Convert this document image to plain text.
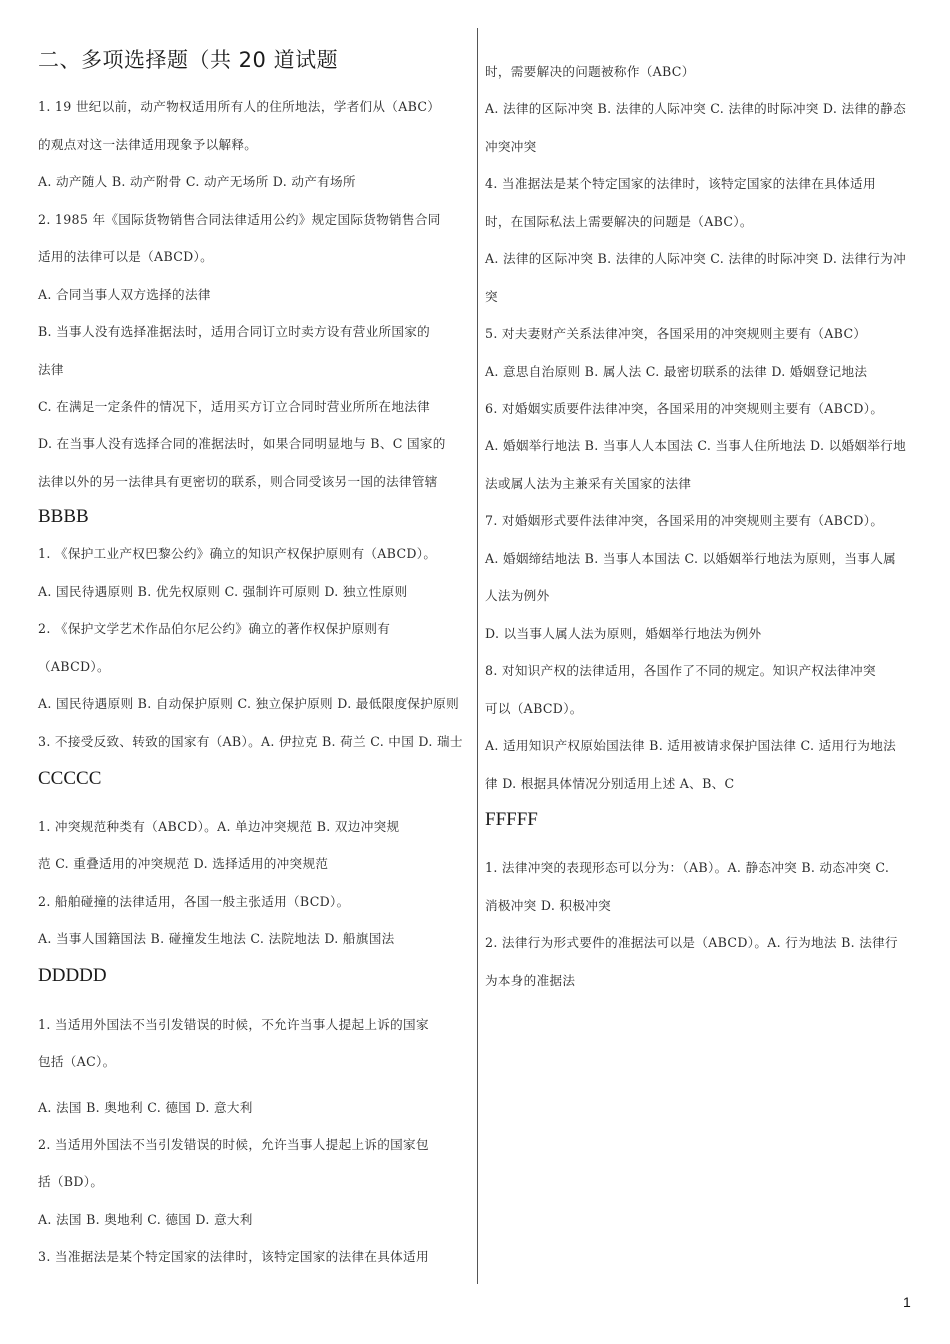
二、多项选择题（共 20 道试题
1. 19 世纪以前，动产物权适用所有人的住所地法，学者们从（ABC）
的观点对这一法律适用现象予以解释。
A. 动产随人 B. 动产附骨 C. 动产无场所 D. 动产有场所
2. 1985 年《国际货物销售合同法律适用公约》规定国际货物销售合同
适用的法律可以是（ABCD）。
A. 合同当事人双方选择的法律
B. 当事人没有选择准据法时，适用合同订立时卖方设有营业所国家的
法律
C. 在满足一定条件的情况下，适用买方订立合同时营业所所在地法律
D. 在当事人没有选择合同的准据法时，如果合同明显地与 B、C 国家的
法律以外的另一法律具有更密切的联系，则合同受该另一国的法律管辖
BBBB
1. 《保护工业产权巴黎公约》确立的知识产权保护原则有（ABCD）。
A. 国民待遇原则 B. 优先权原则 C. 强制许可原则 D. 独立性原则
2. 《保护文学艺术作品伯尔尼公约》确立的著作权保护原则有
（ABCD）。
A. 国民待遇原则 B. 自动保护原则 C. 独立保护原则 D. 最低限度保护原则
3. 不接受反致、转致的国家有（AB）。A. 伊拉克 B. 荷兰 C. 中国 D. 瑞士
CCCCC
1. 冲突规范种类有（ABCD）。A. 单边冲突规范 B. 双边冲突规
范 C. 重叠适用的冲突规范 D. 选择适用的冲突规范
2. 船舶碰撞的法律适用，各国一般主张适用（BCD）。
A. 当事人国籍国法 B. 碰撞发生地法 C. 法院地法 D. 船旗国法
DDDDD
1. 当适用外国法不当引发错误的时候，不允许当事人提起上诉的国家
包括（AC）。
A. 法国 B. 奥地利 C. 德国 D. 意大利
2. 当适用外国法不当引发错误的时候，允许当事人提起上诉的国家包
括（BD）。
A. 法国 B. 奥地利 C. 德国 D. 意大利
3. 当准据法是某个特定国家的法律时，该特定国家的法律在具体适用
时，需要解决的问题被称作（ABC）
A. 法律的区际冲突 B. 法律的人际冲突 C. 法律的时际冲突 D. 法律的静态
冲突冲突
4. 当准据法是某个特定国家的法律时，该特定国家的法律在具体适用
时，在国际私法上需要解决的问题是（ABC）。
A. 法律的区际冲突 B. 法律的人际冲突 C. 法律的时际冲突 D. 法律行为冲
突
5. 对夫妻财产关系法律冲突，各国采用的冲突规则主要有（ABC）
A. 意思自治原则 B. 属人法 C. 最密切联系的法律 D. 婚姻登记地法
6. 对婚姻实质要件法律冲突，各国采用的冲突规则主要有（ABCD）。
A. 婚姻举行地法 B. 当事人人本国法 C. 当事人住所地法 D. 以婚姻举行地
法或属人法为主兼采有关国家的法律
7. 对婚姻形式要件法律冲突，各国采用的冲突规则主要有（ABCD）。
A. 婚姻缔结地法 B. 当事人本国法 C. 以婚姻举行地法为原则，当事人属
人法为例外
D. 以当事人属人法为原则，婚姻举行地法为例外
8. 对知识产权的法律适用，各国作了不同的规定。知识产权法律冲突
可以（ABCD）。
A. 适用知识产权原始国法律 B. 适用被请求保护国法律 C. 适用行为地法
律 D. 根据具体情况分别适用上述 A、B、C
FFFFF
1. 法律冲突的表现形态可以分为：（AB）。A. 静态冲突 B. 动态冲突 C.
消极冲突 D. 积极冲突
2. 法律行为形式要件的准据法可以是（ABCD）。A. 行为地法 B. 法律行
为本身的准据法
1
